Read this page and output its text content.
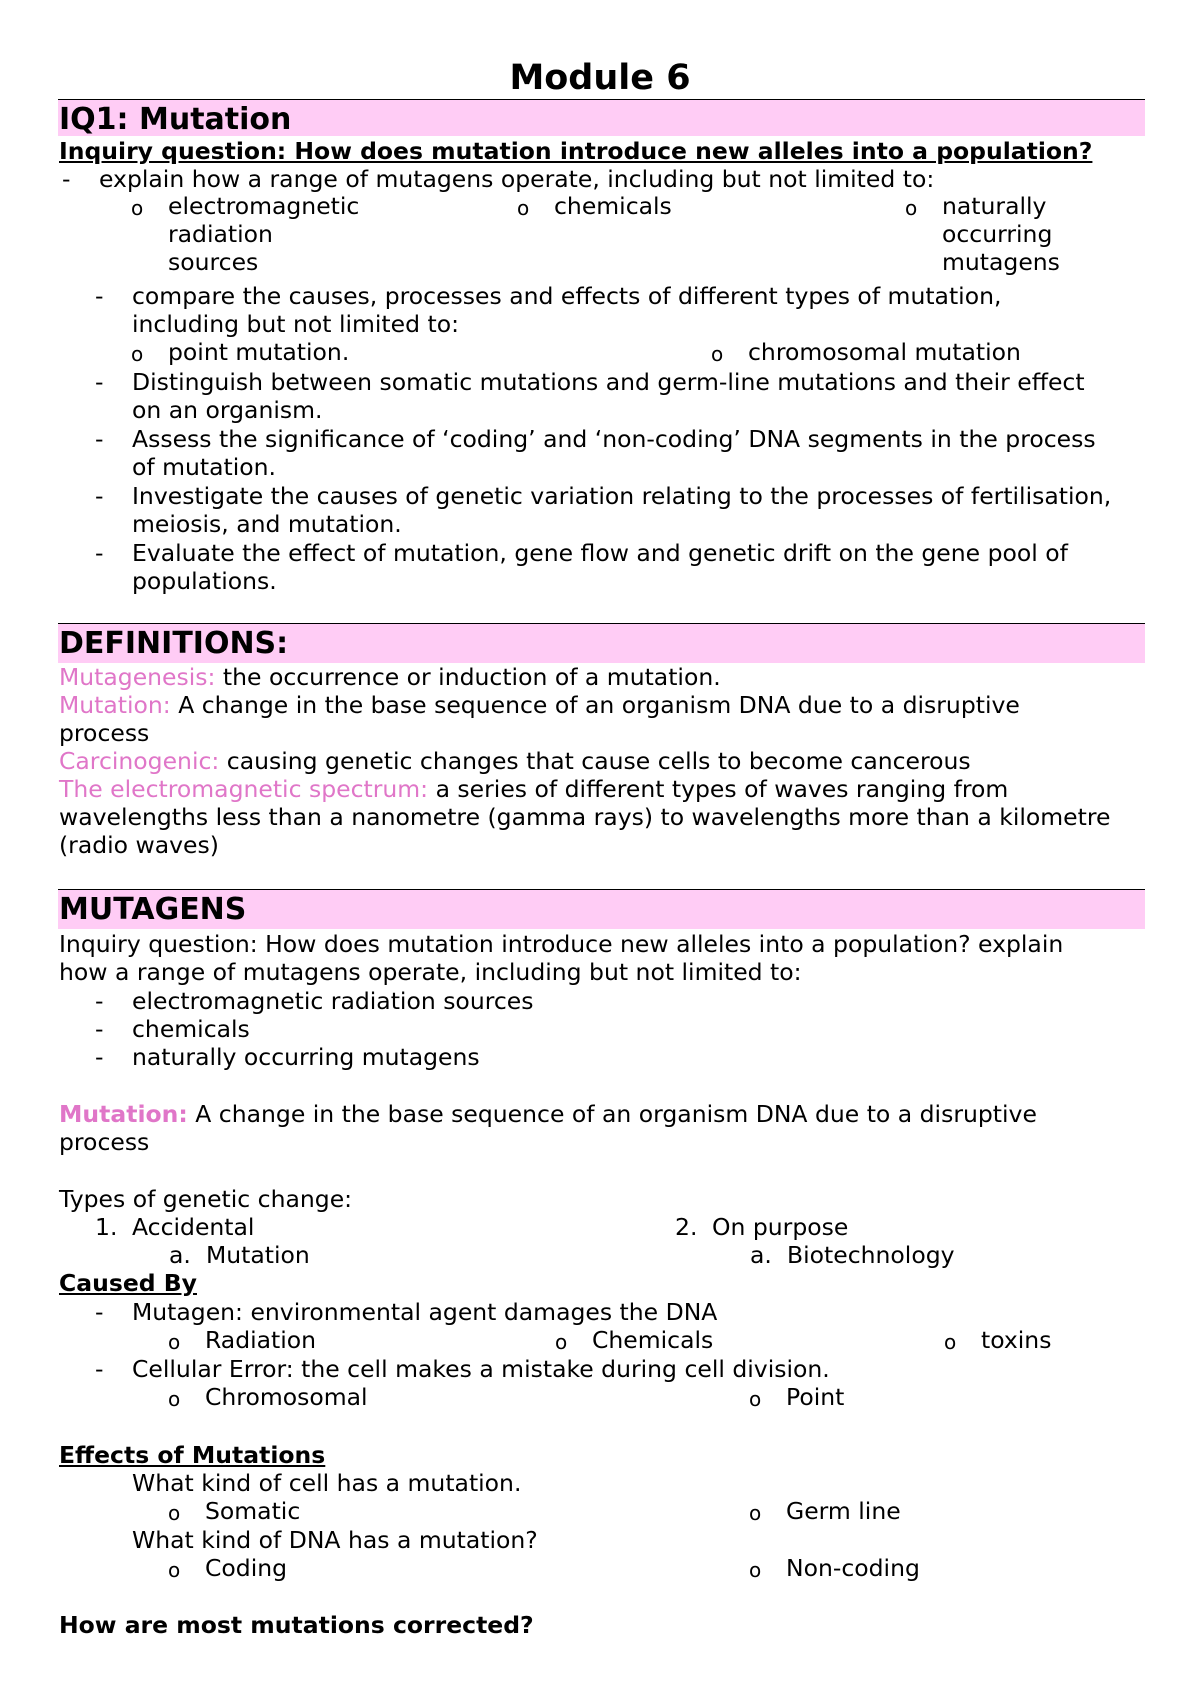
Module 6
IQ1: Mutation
Inquiry question: How does mutation introduce new alleles into a population?
- explain how a range of mutagens operate, including but not limited to:
o electromagnetic
radiation
sources
o chemicals	o naturally
occurring
mutagens
- compare the causes, processes and effects of different types of mutation,
including but not limited to:
o point mutation.	o chromosomal mutation
- Distinguish between somatic mutations and germ-line mutations and their effect
on an organism.
- Assess the significance of ‘coding’ and ‘non-coding’ DNA segments in the process
of mutation.
- Investigate the causes of genetic variation relating to the processes of fertilisation,
meiosis, and mutation.
- Evaluate the effect of mutation, gene flow and genetic drift on the gene pool of
populations.
DEFINITIONS:
Mutagenesis: the occurrence or induction of a mutation.
Mutation: A change in the base sequence of an organism DNA due to a disruptive
process
Carcinogenic: causing genetic changes that cause cells to become cancerous
The electromagnetic spectrum: a series of different types of waves ranging from
wavelengths less than a nanometre (gamma rays) to wavelengths more than a kilometre
(radio waves)
MUTAGENS
Inquiry question: How does mutation introduce new alleles into a population? explain
how a range of mutagens operate, including but not limited to:
- electromagnetic radiation sources
- chemicals
- naturally occurring mutagens
Mutation: A change in the base sequence of an organism DNA due to a disruptive
process
Types of genetic change:
1. Accidental	2. On purpose
a. Mutation	a. Biotechnology
Caused By
- Mutagen: environmental agent damages the DNA
o Radiation	o Chemicals	o toxins
- Cellular Error: the cell makes a mistake during cell division.
o Chromosomal	o Point
Effects of Mutations
What kind of cell has a mutation.
o Somatic	o Germ line
What kind of DNA has a mutation?
o Coding	o Non-coding
How are most mutations corrected?
